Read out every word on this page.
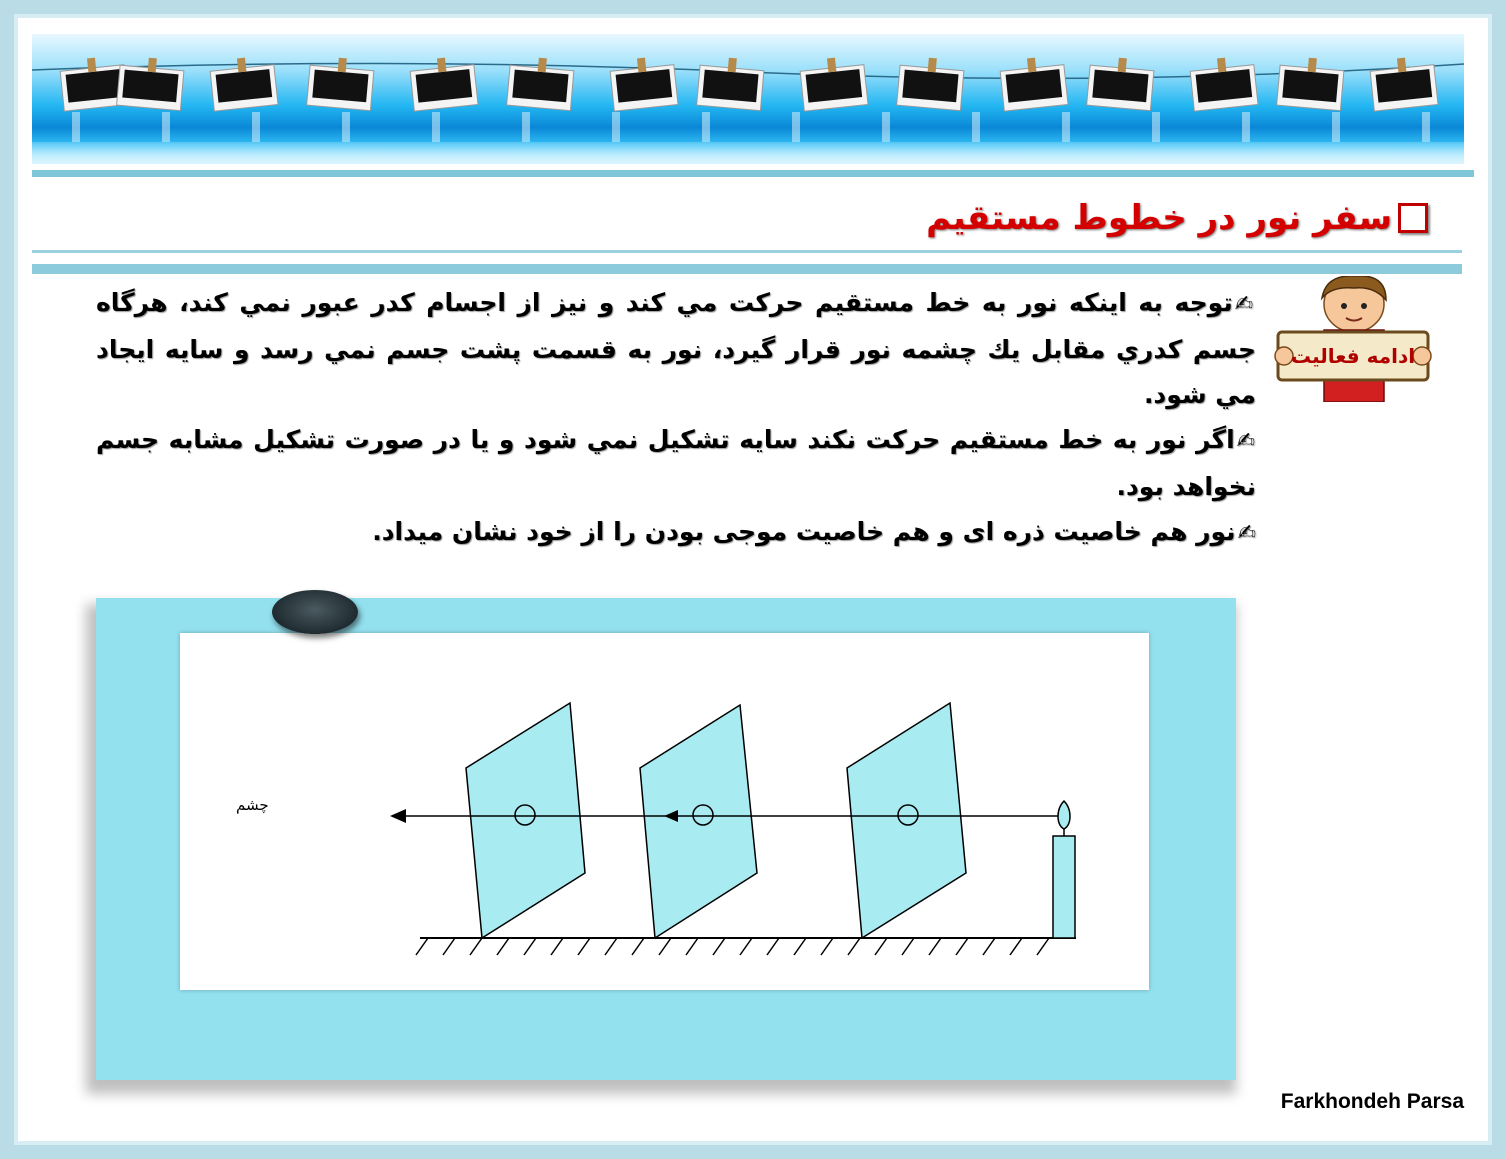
سفر نور در خطوط مستقيم
ادامه فعاليت

✍توجه به اينكه نور به خط مستقيم حركت مي كند و نيز از اجسام كدر عبور نمي كند، هرگاه جسم كدري مقابل يك چشمه نور قرار گيرد، نور به قسمت پشت جسم نمي رسد و سايه ايجاد مي شود.

✍اگر نور به خط مستقيم حركت نكند سايه تشكيل نمي شود و يا در صورت تشكيل مشابه جسم نخواهد بود.

✍نور هم خاصيت ذره ای و هم خاصيت موجی بودن را از خود نشان ميداد.

چشم
Farkhondeh Parsa
